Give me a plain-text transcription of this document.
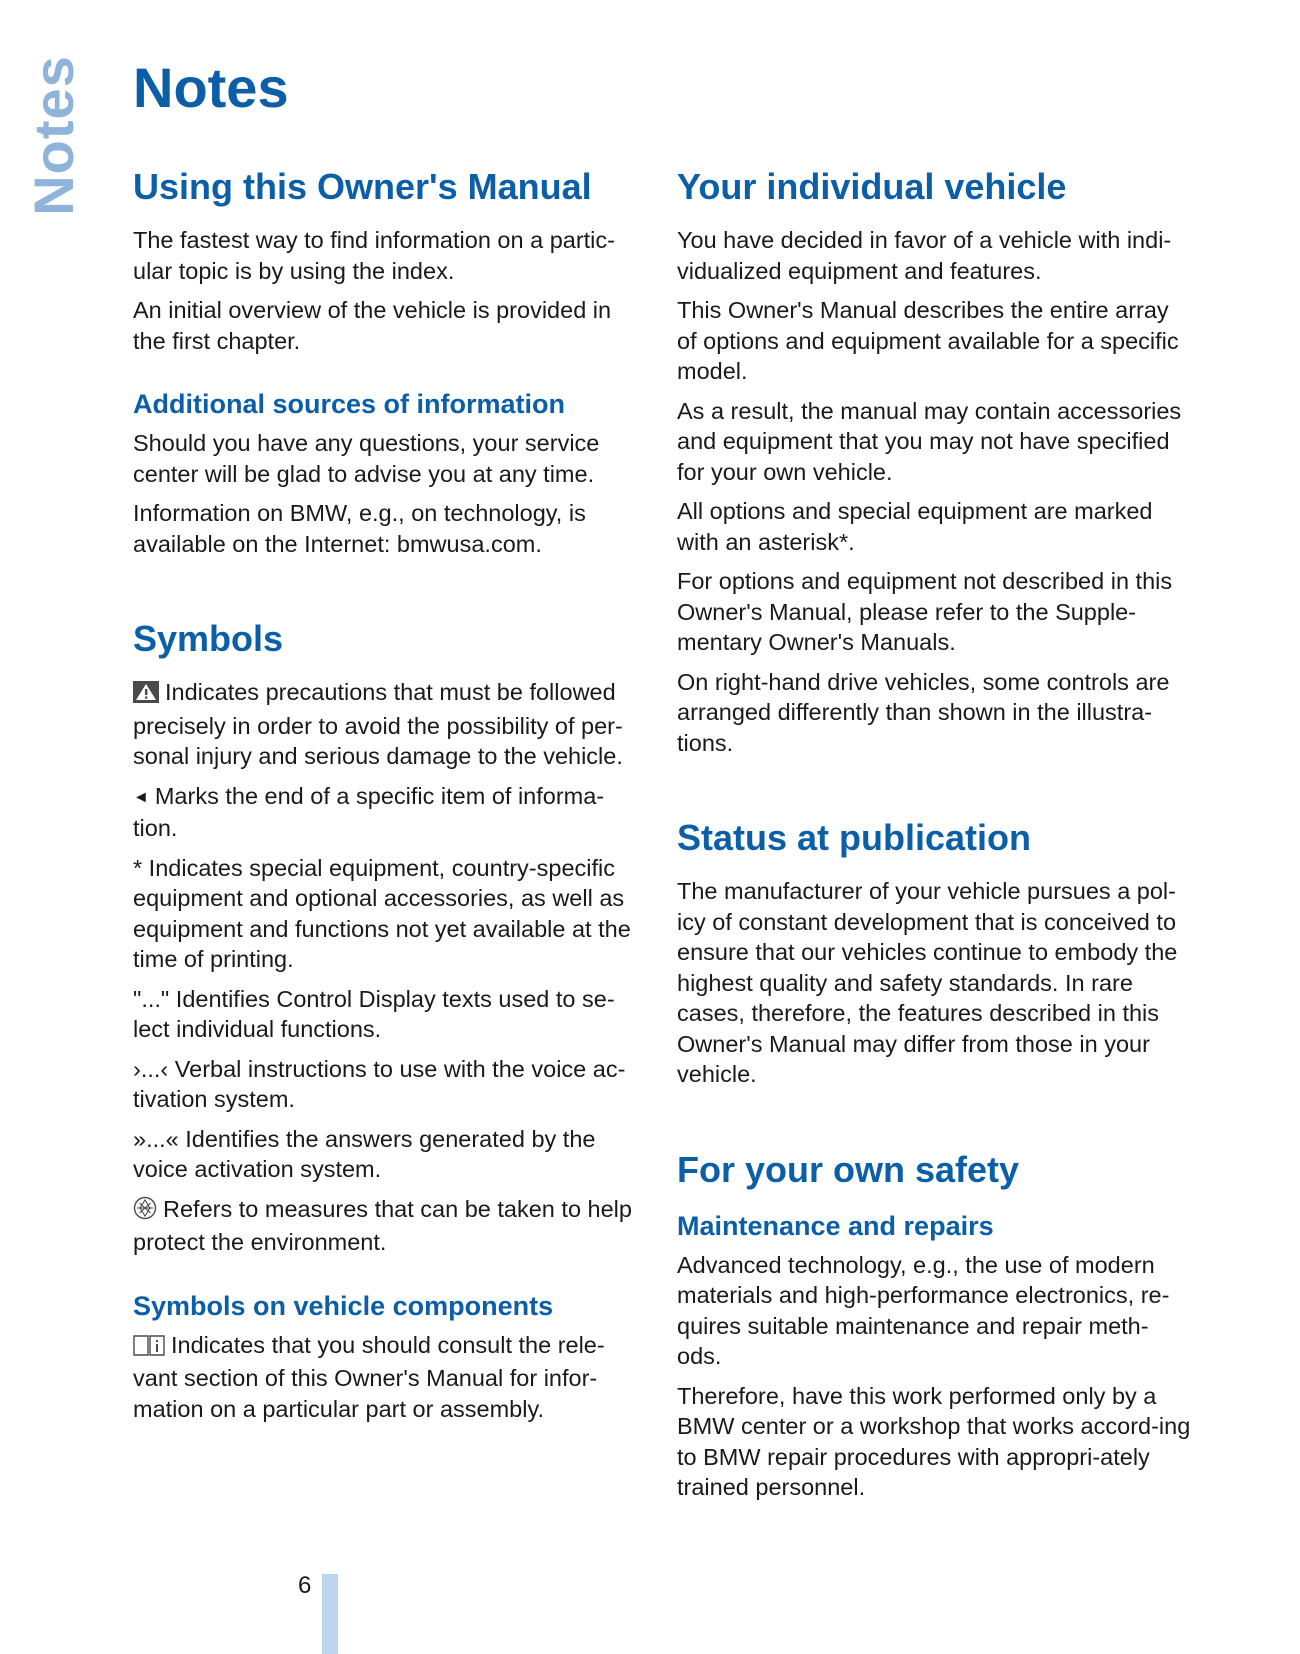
Notes Notes
Using this Owner's Manual

The fastest way to find information on a partic-ular topic is by using the index.

An initial overview of the vehicle is provided in the first chapter.

Additional sources of information

Should you have any questions, your service center will be glad to advise you at any time.

Information on BMW, e.g., on technology, is available on the Internet: bmwusa.com.

Symbols

Indicates precautions that must be followed precisely in order to avoid the possibility of per-sonal injury and serious damage to the vehicle.

◄ Marks the end of a specific item of informa-tion.

* Indicates special equipment, country-specific equipment and optional accessories, as well as equipment and functions not yet available at the time of printing.

"..." Identifies Control Display texts used to se-lect individual functions.

›...‹ Verbal instructions to use with the voice ac-tivation system.

»...« Identifies the answers generated by the voice activation system.

Refers to measures that can be taken to help protect the environment.

Symbols on vehicle components

Indicates that you should consult the rele-vant section of this Owner's Manual for infor-mation on a particular part or assembly.

Your individual vehicle

You have decided in favor of a vehicle with indi-vidualized equipment and features.

This Owner's Manual describes the entire array of options and equipment available for a specific model.

As a result, the manual may contain accessories and equipment that you may not have specified for your own vehicle.

All options and special equipment are marked with an asterisk*.

For options and equipment not described in this Owner's Manual, please refer to the Supple-mentary Owner's Manuals.

On right-hand drive vehicles, some controls are arranged differently than shown in the illustra-tions.

Status at publication

The manufacturer of your vehicle pursues a pol-icy of constant development that is conceived to ensure that our vehicles continue to embody the highest quality and safety standards. In rare cases, therefore, the features described in this Owner's Manual may differ from those in your vehicle.

For your own safety
Maintenance and repairs

Advanced technology, e.g., the use of modern materials and high-performance electronics, re-quires suitable maintenance and repair meth-ods.

Therefore, have this work performed only by a BMW center or a workshop that works accord-ing to BMW repair procedures with appropri-ately trained personnel.

6
